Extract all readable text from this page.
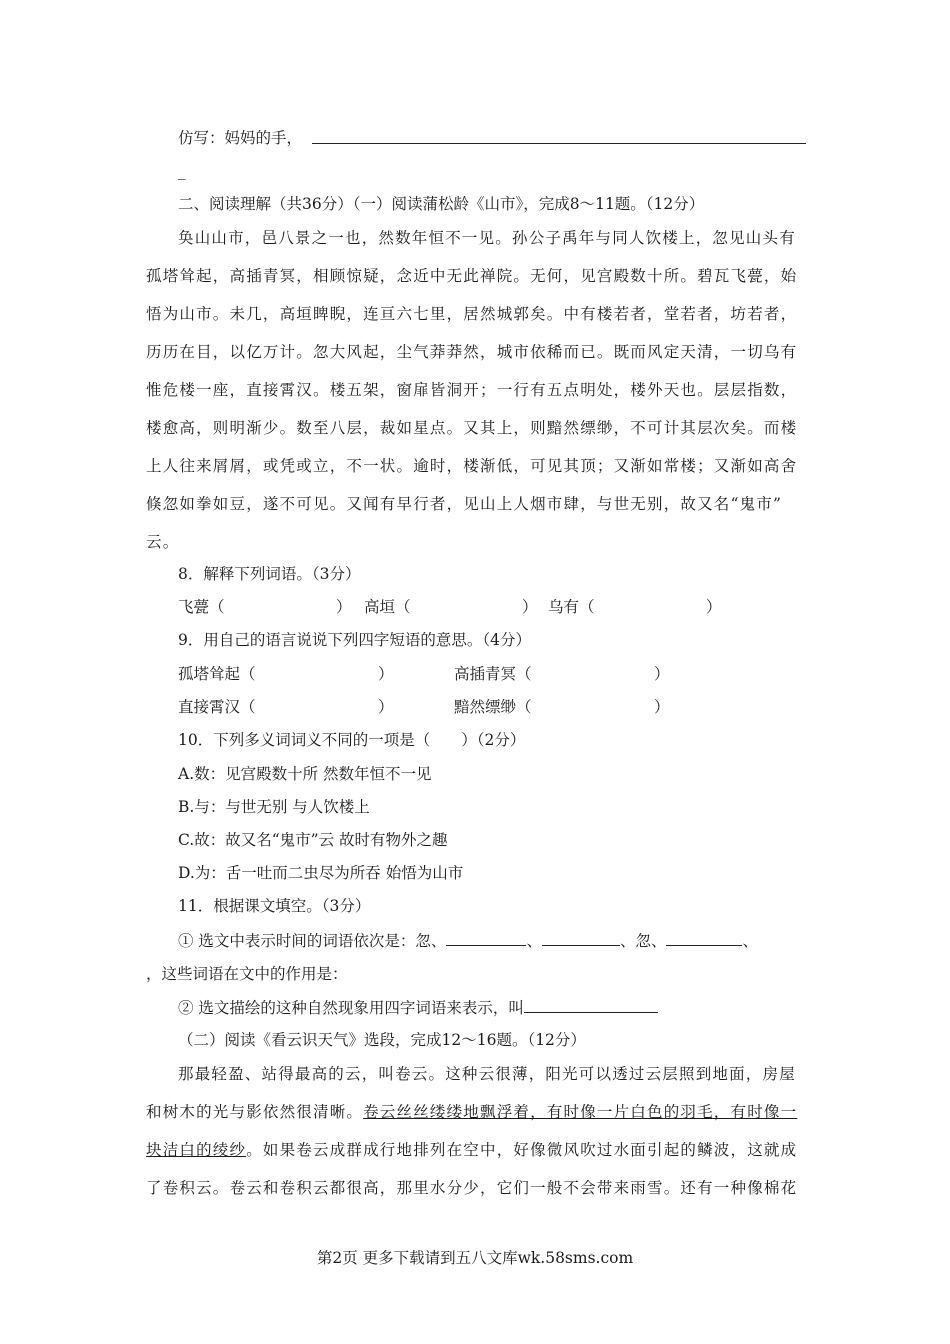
仿写：妈妈的手，
_
二、阅读理解（共36分）（一）阅读蒲松龄《山市》，完成8～11题。（12分）
奂山山市，邑八景之一也，然数年恒不一见。孙公子禹年与同人饮楼上，忽见山头有
孤塔耸起，高插青冥，相顾惊疑，念近中无此禅院。无何，见宫殿数十所。碧瓦飞甍，始
悟为山市。未几，高垣睥睨，连亘六七里，居然城郭矣。中有楼若者，堂若者，坊若者，
历历在目，以亿万计。忽大风起，尘气莽莽然，城市依稀而已。既而风定天清，一切乌有
惟危楼一座，直接霄汉。楼五架，窗扉皆洞开；一行有五点明处，楼外天也。层层指数，
楼愈高，则明渐少。数至八层，裁如星点。又其上，则黯然缥缈，不可计其层次矣。而楼
上人往来屑屑，或凭或立，不一状。逾时，楼渐低，可见其顶；又渐如常楼；又渐如高舍
倏忽如拳如豆，遂不可见。又闻有早行者，见山上人烟市肆，与世无别，故又名“鬼市”
云。
8．解释下列词语。（3分）
飞甍（	） 高垣（	） 乌有（	）
9．用自己的语言说说下列四字短语的意思。（4分）
孤塔耸起（	）	高插青冥（	）
直接霄汉（	）	黯然缥缈（	）
10．下列多义词词义不同的一项是（　　）（2分）
A.数：见宫殿数十所 然数年恒不一见
B.与：与世无别 与人饮楼上
C.故：故又名“鬼市”云 故时有物外之趣
D.为：舌一吐而二虫尽为所吞 始悟为山市
11．根据课文填空。（3分）
① 选文中表示时间的词语依次是：忽、	、	、忽、	、
，这些词语在文中的作用是：
② 选文描绘的这种自然现象用四字词语来表示，叫
（二）阅读《看云识天气》选段，完成12～16题。（12分）
那最轻盈、站得最高的云，叫卷云。这种云很薄，阳光可以透过云层照到地面，房屋
和树木的光与影依然很清晰。卷云丝丝缕缕地飘浮着，有时像一片白色的羽毛，有时像一
块洁白的绫纱。如果卷云成群成行地排列在空中，好像微风吹过水面引起的鳞波，这就成
了卷积云。卷云和卷积云都很高，那里水分少，它们一般不会带来雨雪。还有一种像棉花
第2页 更多下载请到五八文库wk.58sms.com
